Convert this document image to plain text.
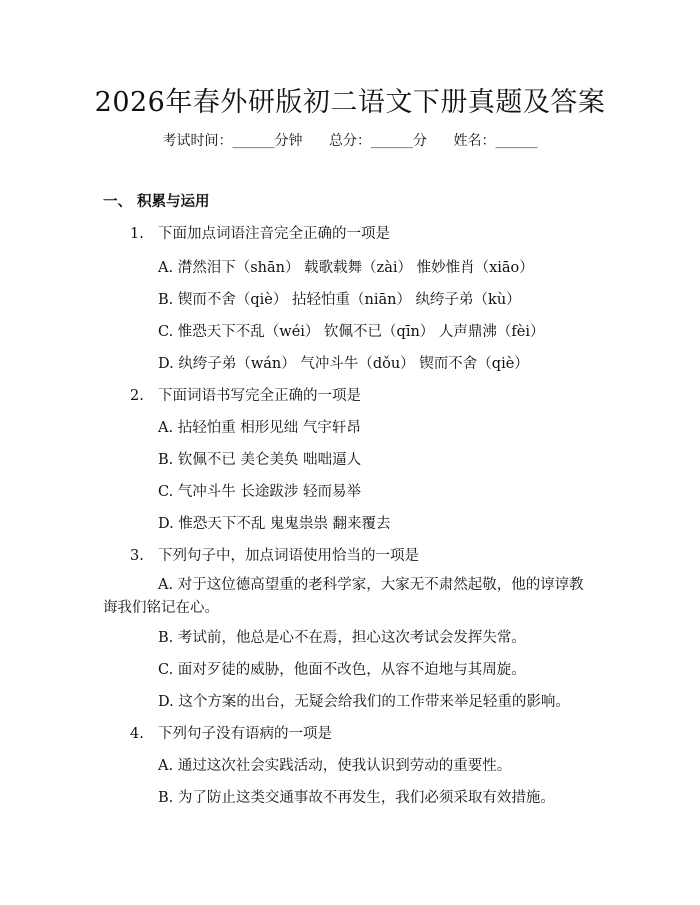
2026年春外研版初二语文下册真题及答案
考试时间：______分钟 总分：______分 姓名：______
一、 积累与运用
1. 下面加点词语注音完全正确的一项是
A. 潸然泪下（shān） 载歌载舞（zài） 惟妙惟肖（xiāo）
B. 锲而不舍（qiè） 拈轻怕重（niān） 纨绔子弟（kù）
C. 惟恐天下不乱（wéi） 钦佩不已（qīn） 人声鼎沸（fèi）
D. 纨绔子弟（wán） 气冲斗牛（dǒu） 锲而不舍（qiè）
2. 下面词语书写完全正确的一项是
A. 拈轻怕重 相形见绌 气宇轩昂
B. 钦佩不已 美仑美奂 咄咄逼人
C. 气冲斗牛 长途跋涉 轻而易举
D. 惟恐天下不乱 鬼鬼祟祟 翻来覆去
3. 下列句子中，加点词语使用恰当的一项是
A. 对于这位德高望重的老科学家，大家无不肃然起敬，他的谆谆教诲我们铭记在心。
B. 考试前，他总是心不在焉，担心这次考试会发挥失常。
C. 面对歹徒的威胁，他面不改色，从容不迫地与其周旋。
D. 这个方案的出台，无疑会给我们的工作带来举足轻重的影响。
4. 下列句子没有语病的一项是
A. 通过这次社会实践活动，使我认识到劳动的重要性。
B. 为了防止这类交通事故不再发生，我们必须采取有效措施。
